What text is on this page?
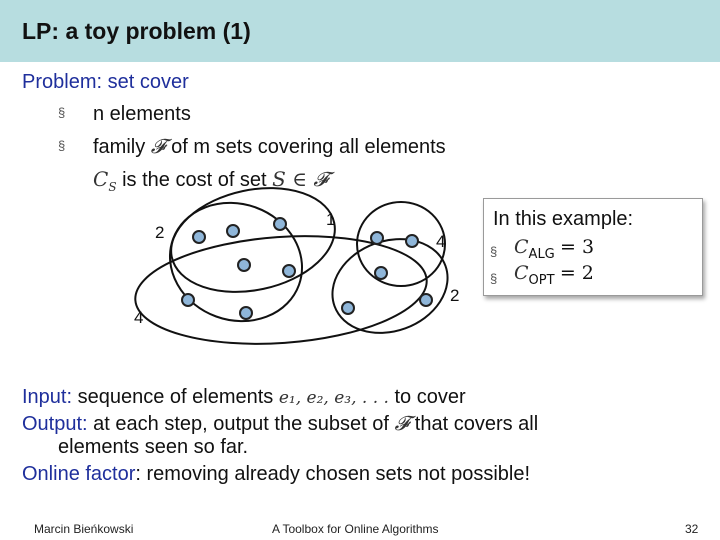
LP: a toy problem (1)
Problem: set cover
§ n elements
§ family 𝓕 of m sets covering all elements
$C_S$ is the cost of set S ∈ 𝓕
2
1
4
4
2
In this example:
§ $C_{ALG} = 3$
§ $C_{OPT} = 2$
Input: sequence of elements e₁, e₂, e₃, . . . to cover
Output: at each step, output the subset of 𝓕 that covers all
elements seen so far.
Online factor: removing already chosen sets not possible!
Marcin Bieńkowski	A Toolbox for Online Algorithms	32
